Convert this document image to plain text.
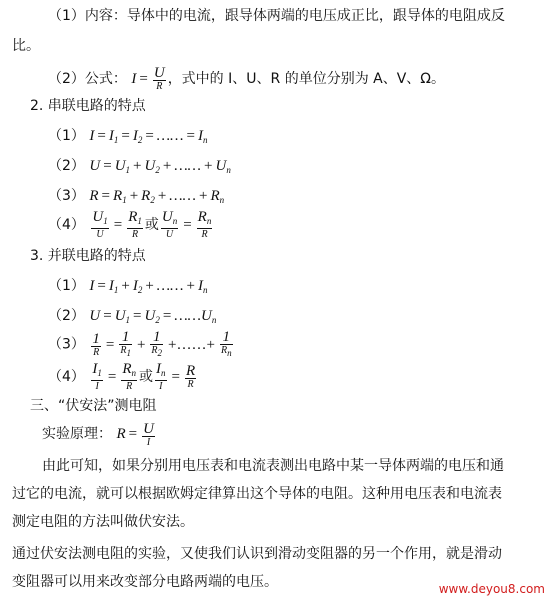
（1）内容：导体中的电流，跟导体两端的电压成正比，跟导体的电阻成反
比。
（2）公式： $I = \frac{U}{R}$ ，式中的 I、U、R 的单位分别为 A、V、Ω。
2. 串联电路的特点
（1） $I = I_1 = I_2$ = …… = $I_n$
（2） $U = U_1 + U_2$ + …… + $U_n$
（3） $R = R_1 + R_2$ + …… + $R_n$
$(4) \frac{U_1}{U} = \frac{R_1}{R}$ 或 $\frac{U_n}{U} = \frac{R_n}{R}$
3. 并联电路的特点
（1） $I = I_1 + I_2$ + …… + $I_n$
（2） $U = U_1 = U_2$ = $\dots\dots U_n$
$(3) \frac{1}{R} = \frac{1}{R_1} + \frac{1}{R_2}$ +……+ $\frac{1}{R_n}$
$(4) \frac{I_1}{I} = \frac{R_n}{R}$ 或 $\frac{I_n}{I} = \frac{R}{R}$
三、“伏安法”测电阻
实验原理： $R = \frac{U}{I}$
由此可知，如果分别用电压表和电流表测出电路中某一导体两端的电压和通
过它的电流，就可以根据欧姆定律算出这个导体的电阻。这种用电压表和电流表
测定电阻的方法叫做伏安法。
通过伏安法测电阻的实验，又使我们认识到滑动变阻器的另一个作用，就是滑动
变阻器可以用来改变部分电路两端的电压。	www.deyou8.com
